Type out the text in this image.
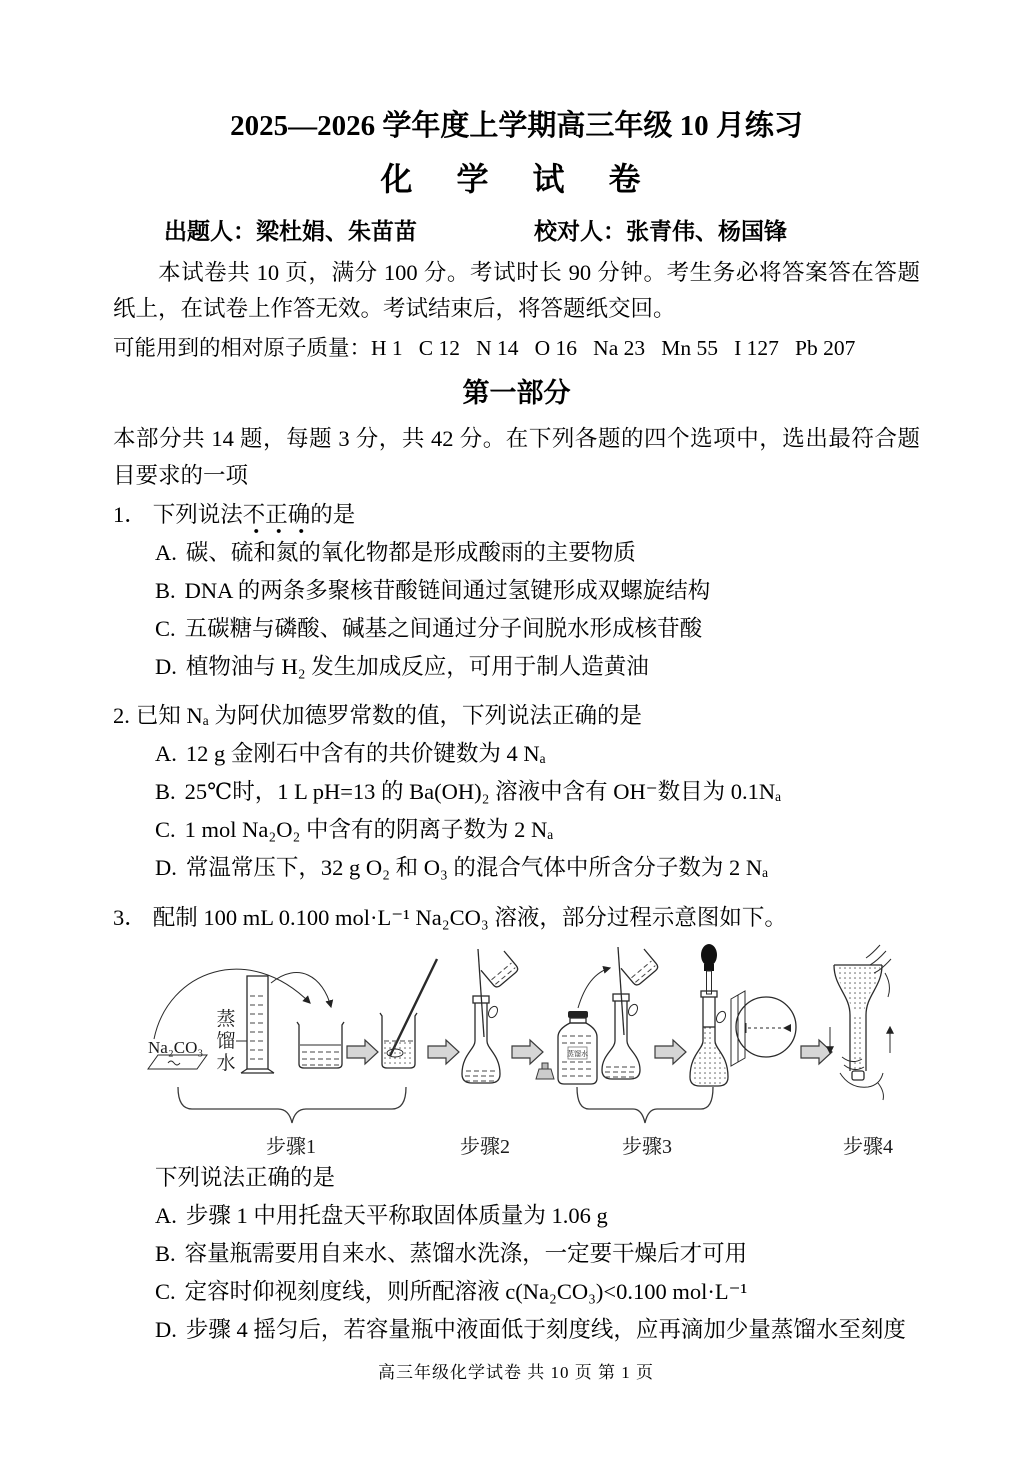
2025—2026 学年度上学期高三年级 10 月练习
化 学 试 卷
出题人：梁杜娟、朱苗苗	校对人：张青伟、杨国锋
本试卷共 10 页，满分 100 分。考试时长 90 分钟。考生务必将答案答在答题纸上，在试卷上作答无效。考试结束后，将答题纸交回。
可能用到的相对原子质量：H 1   C 12   N 14   O 16   Na 23   Mn 55   I 127   Pb 207
第一部分
本部分共 14 题，每题 3 分，共 42 分。在下列各题的四个选项中，选出最符合题目要求的一项
1． 下列说法不正确的是
A. 碳、硫和氮的氧化物都是形成酸雨的主要物质
B. DNA 的两条多聚核苷酸链间通过氢键形成双螺旋结构
C. 五碳糖与磷酸、碱基之间通过分子间脱水形成核苷酸
D. 植物油与 H₂ 发生加成反应，可用于制人造黄油
2. 已知 Nₐ 为阿伏加德罗常数的值，下列说法正确的是
A. 12 g 金刚石中含有的共价键数为 4 Nₐ
B. 25℃时，1 L pH=13 的 Ba(OH)₂ 溶液中含有 OH⁻数目为 0.1Nₐ
C. 1 mol Na₂O₂ 中含有的阴离子数为 2 Nₐ
D. 常温常压下，32 g O₂ 和 O₃ 的混合气体中所含分子数为 2 Nₐ
3． 配制 100 mL 0.100 mol·L⁻¹ Na₂CO₃ 溶液，部分过程示意图如下。
Na₂CO₃
蒸
馏
水	蒸馏水
步骤1	步骤2	步骤3	步骤4
下列说法正确的是
A. 步骤 1 中用托盘天平称取固体质量为 1.06 g
B. 容量瓶需要用自来水、蒸馏水洗涤，一定要干燥后才可用
C. 定容时仰视刻度线，则所配溶液 c(Na₂CO₃)<0.100 mol·L⁻¹
D. 步骤 4 摇匀后，若容量瓶中液面低于刻度线，应再滴加少量蒸馏水至刻度
高三年级化学试卷 共 10 页 第 1 页
